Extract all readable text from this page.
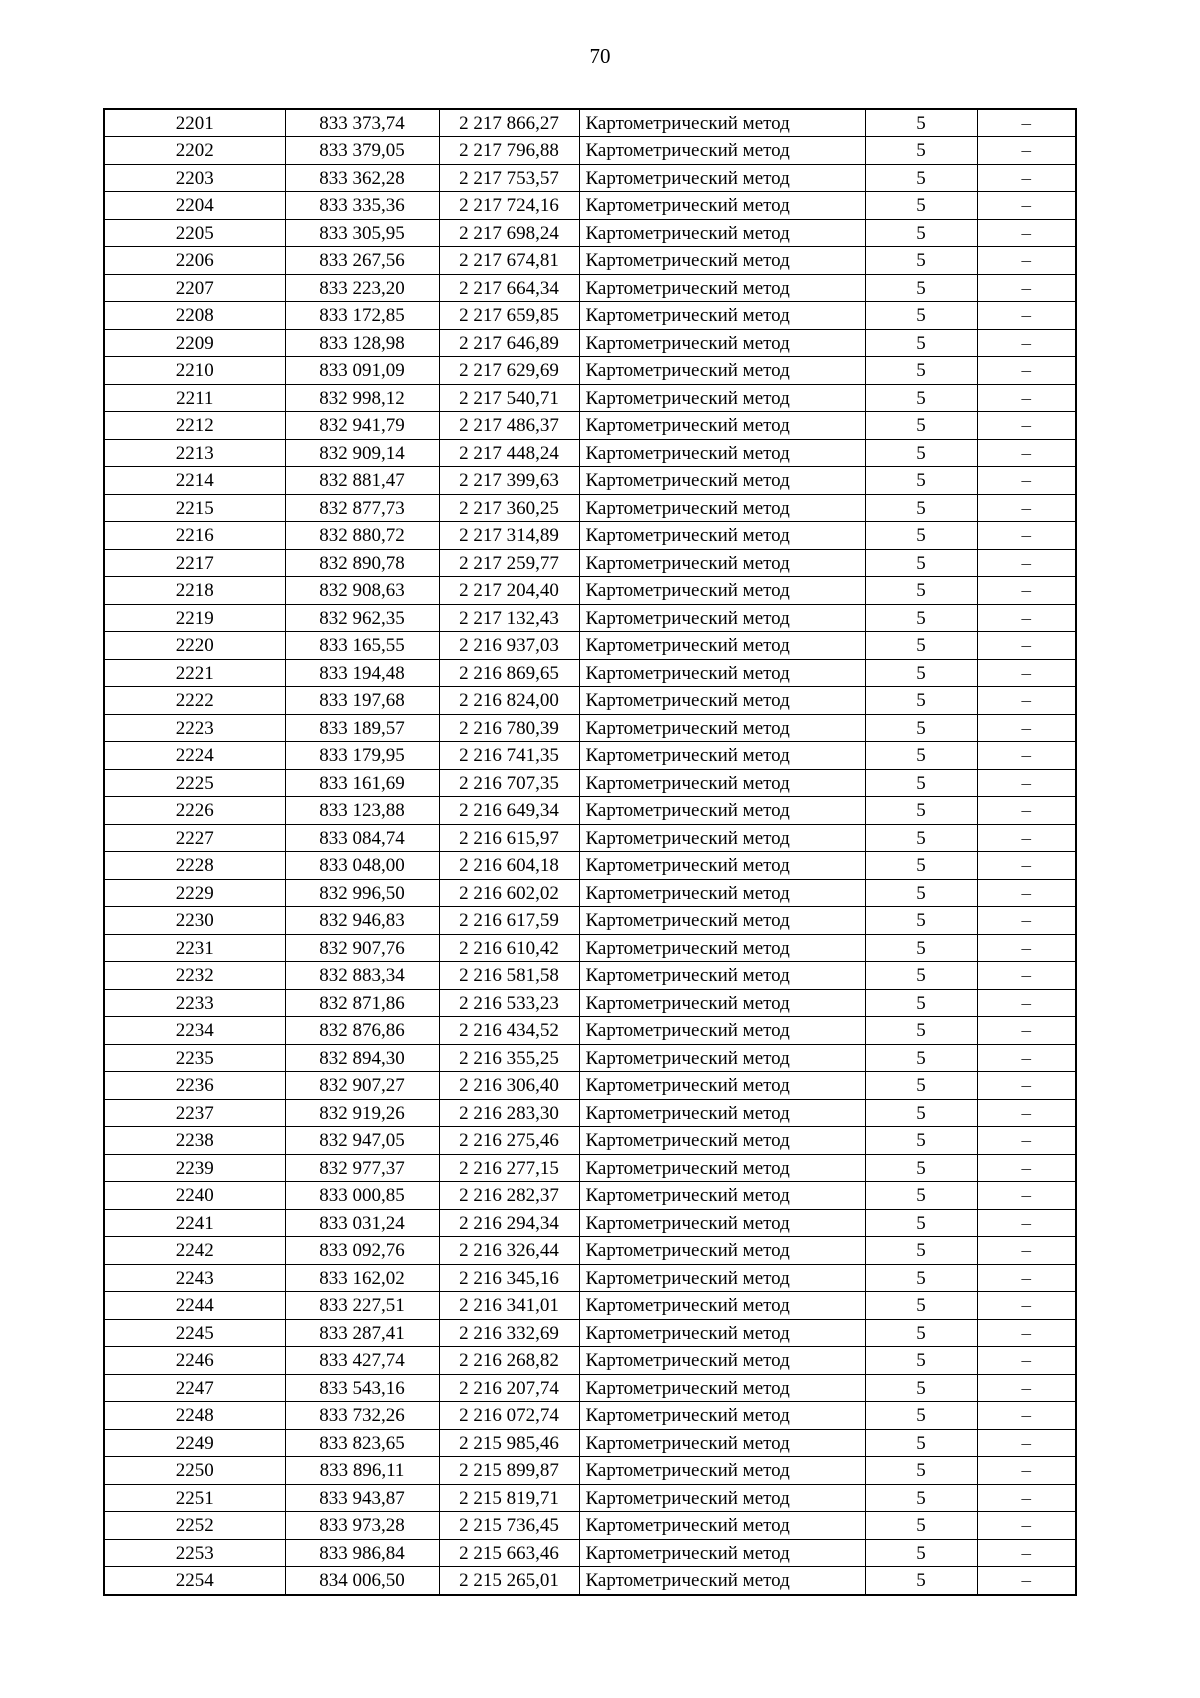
70
2201	833 373,74	2 217 866,27	Картометрический метод	5	–
2202	833 379,05	2 217 796,88	Картометрический метод	5	–
2203	833 362,28	2 217 753,57	Картометрический метод	5	–
2204	833 335,36	2 217 724,16	Картометрический метод	5	–
2205	833 305,95	2 217 698,24	Картометрический метод	5	–
2206	833 267,56	2 217 674,81	Картометрический метод	5	–
2207	833 223,20	2 217 664,34	Картометрический метод	5	–
2208	833 172,85	2 217 659,85	Картометрический метод	5	–
2209	833 128,98	2 217 646,89	Картометрический метод	5	–
2210	833 091,09	2 217 629,69	Картометрический метод	5	–
2211	832 998,12	2 217 540,71	Картометрический метод	5	–
2212	832 941,79	2 217 486,37	Картометрический метод	5	–
2213	832 909,14	2 217 448,24	Картометрический метод	5	–
2214	832 881,47	2 217 399,63	Картометрический метод	5	–
2215	832 877,73	2 217 360,25	Картометрический метод	5	–
2216	832 880,72	2 217 314,89	Картометрический метод	5	–
2217	832 890,78	2 217 259,77	Картометрический метод	5	–
2218	832 908,63	2 217 204,40	Картометрический метод	5	–
2219	832 962,35	2 217 132,43	Картометрический метод	5	–
2220	833 165,55	2 216 937,03	Картометрический метод	5	–
2221	833 194,48	2 216 869,65	Картометрический метод	5	–
2222	833 197,68	2 216 824,00	Картометрический метод	5	–
2223	833 189,57	2 216 780,39	Картометрический метод	5	–
2224	833 179,95	2 216 741,35	Картометрический метод	5	–
2225	833 161,69	2 216 707,35	Картометрический метод	5	–
2226	833 123,88	2 216 649,34	Картометрический метод	5	–
2227	833 084,74	2 216 615,97	Картометрический метод	5	–
2228	833 048,00	2 216 604,18	Картометрический метод	5	–
2229	832 996,50	2 216 602,02	Картометрический метод	5	–
2230	832 946,83	2 216 617,59	Картометрический метод	5	–
2231	832 907,76	2 216 610,42	Картометрический метод	5	–
2232	832 883,34	2 216 581,58	Картометрический метод	5	–
2233	832 871,86	2 216 533,23	Картометрический метод	5	–
2234	832 876,86	2 216 434,52	Картометрический метод	5	–
2235	832 894,30	2 216 355,25	Картометрический метод	5	–
2236	832 907,27	2 216 306,40	Картометрический метод	5	–
2237	832 919,26	2 216 283,30	Картометрический метод	5	–
2238	832 947,05	2 216 275,46	Картометрический метод	5	–
2239	832 977,37	2 216 277,15	Картометрический метод	5	–
2240	833 000,85	2 216 282,37	Картометрический метод	5	–
2241	833 031,24	2 216 294,34	Картометрический метод	5	–
2242	833 092,76	2 216 326,44	Картометрический метод	5	–
2243	833 162,02	2 216 345,16	Картометрический метод	5	–
2244	833 227,51	2 216 341,01	Картометрический метод	5	–
2245	833 287,41	2 216 332,69	Картометрический метод	5	–
2246	833 427,74	2 216 268,82	Картометрический метод	5	–
2247	833 543,16	2 216 207,74	Картометрический метод	5	–
2248	833 732,26	2 216 072,74	Картометрический метод	5	–
2249	833 823,65	2 215 985,46	Картометрический метод	5	–
2250	833 896,11	2 215 899,87	Картометрический метод	5	–
2251	833 943,87	2 215 819,71	Картометрический метод	5	–
2252	833 973,28	2 215 736,45	Картометрический метод	5	–
2253	833 986,84	2 215 663,46	Картометрический метод	5	–
2254	834 006,50	2 215 265,01	Картометрический метод	5	–
